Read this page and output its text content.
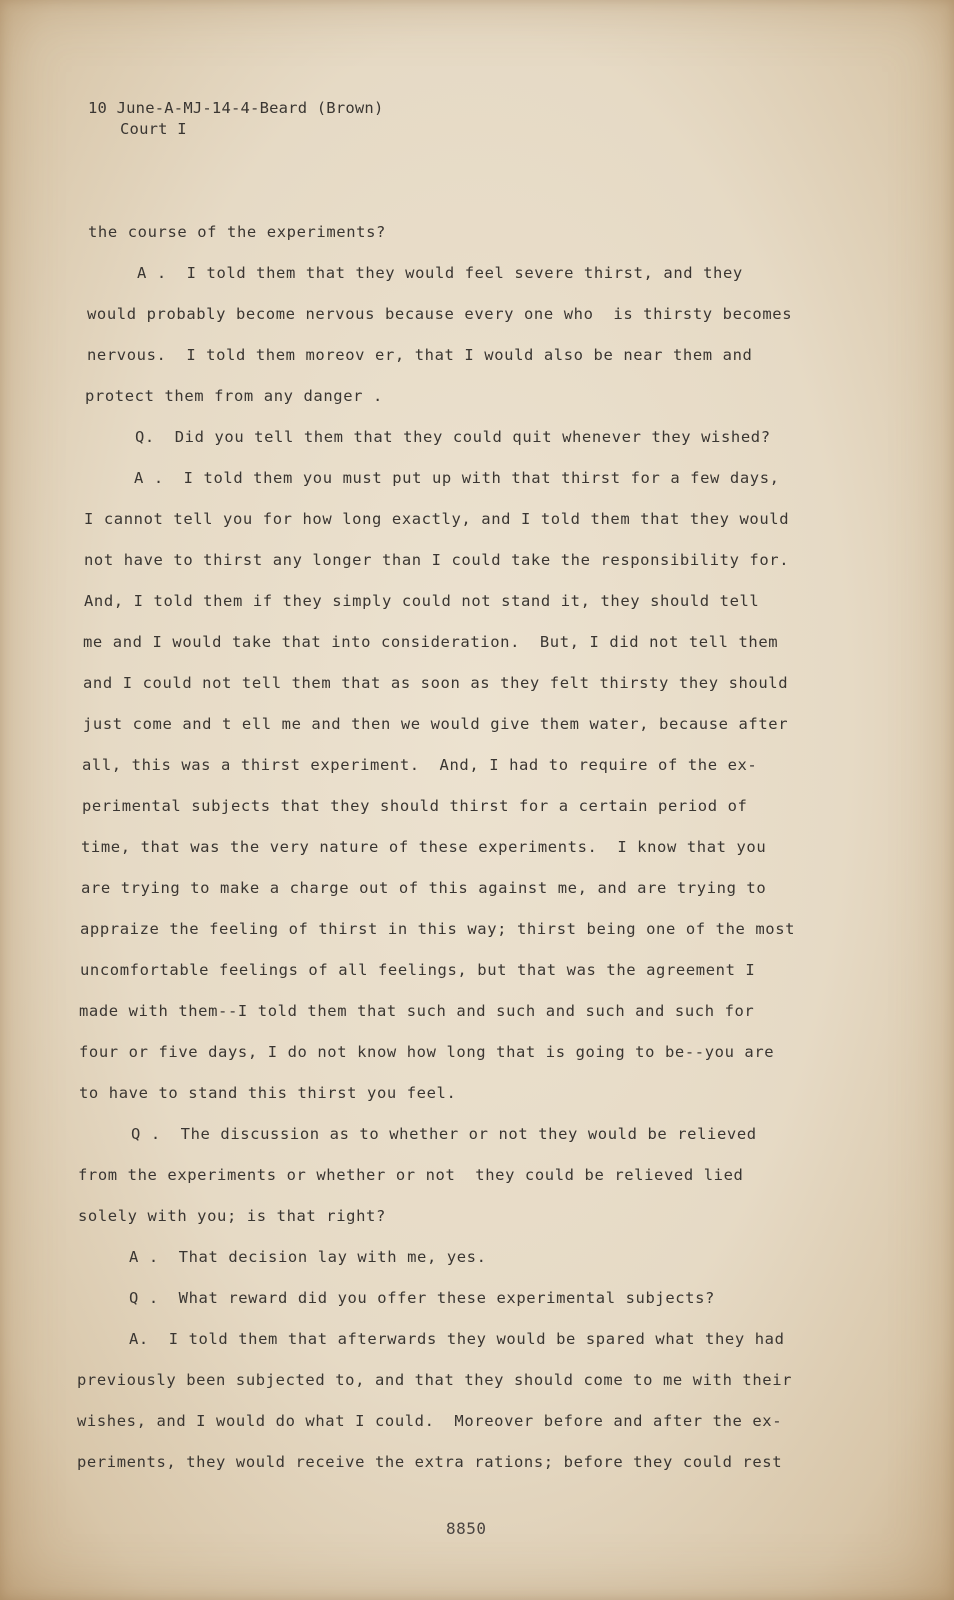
10 June-A-MJ-14-4-Beard (Brown)
Court I
the course of the experiments?
A .  I told them that they would feel severe thirst, and they
would probably become nervous because every one who  is thirsty becomes
nervous.  I told them moreov er, that I would also be near them and
protect them from any danger .
Q.  Did you tell them that they could quit whenever they wished?
A .  I told them you must put up with that thirst for a few days,
I cannot tell you for how long exactly, and I told them that they would
not have to thirst any longer than I could take the responsibility for.
And, I told them if they simply could not stand it, they should tell
me and I would take that into consideration.  But, I did not tell them
and I could not tell them that as soon as they felt thirsty they should
just come and t ell me and then we would give them water, because after
all, this was a thirst experiment.  And, I had to require of the ex-
perimental subjects that they should thirst for a certain period of
time, that was the very nature of these experiments.  I know that you
are trying to make a charge out of this against me, and are trying to
appraize the feeling of thirst in this way; thirst being one of the most
uncomfortable feelings of all feelings, but that was the agreement I
made with them--I told them that such and such and such and such for
four or five days, I do not know how long that is going to be--you are
to have to stand this thirst you feel.
Q .  The discussion as to whether or not they would be relieved
from the experiments or whether or not  they could be relieved lied
solely with you; is that right?
A .  That decision lay with me, yes.
Q .  What reward did you offer these experimental subjects?
A.  I told them that afterwards they would be spared what they had
previously been subjected to, and that they should come to me with their
wishes, and I would do what I could.  Moreover before and after the ex-
periments, they would receive the extra rations; before they could rest
8850
